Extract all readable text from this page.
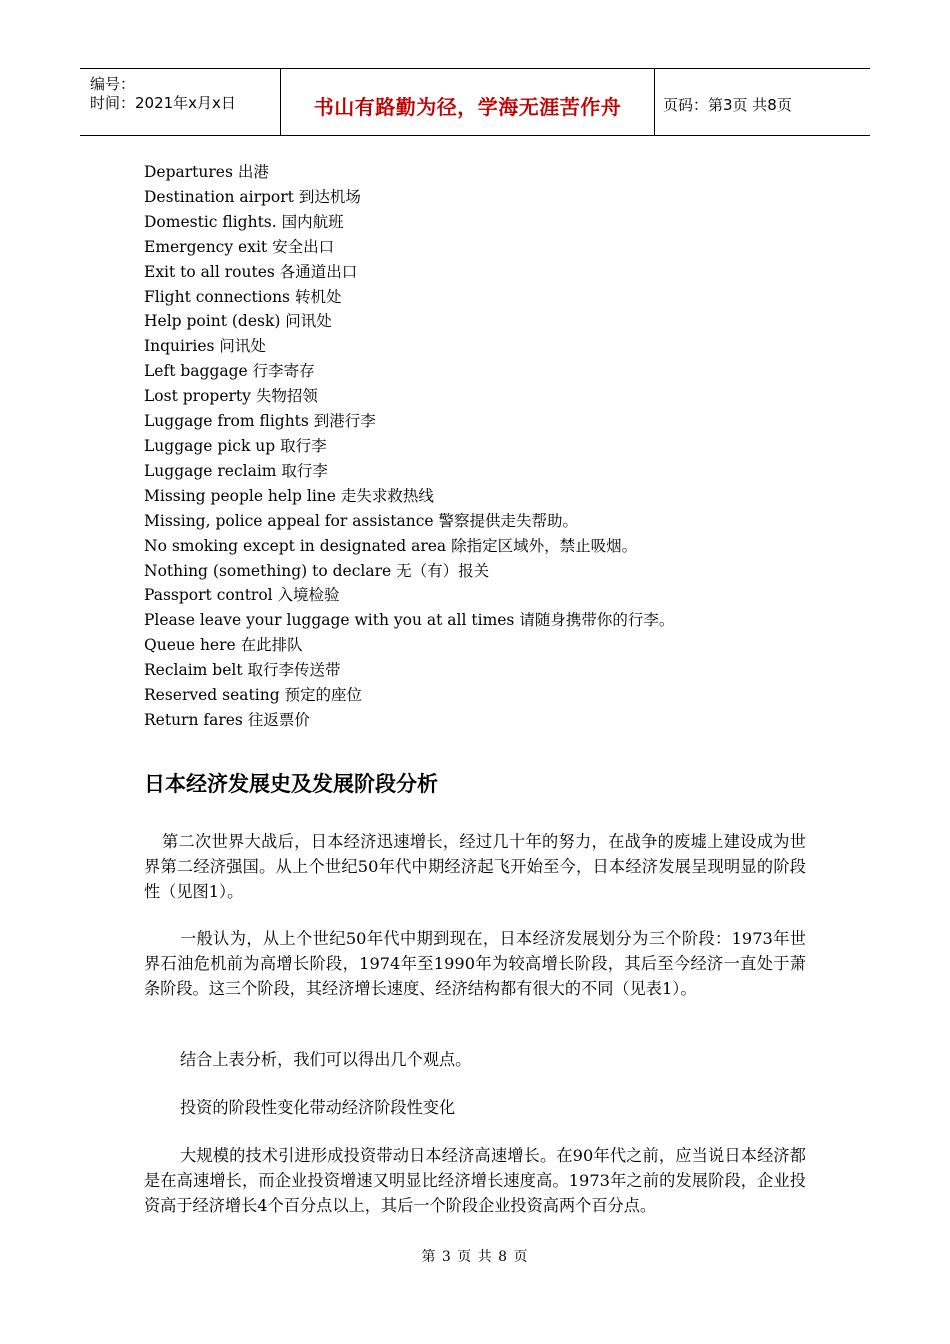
编号：
时间：2021年x月x日	书山有路勤为径，学海无涯苦作舟	页码：第3页 共8页
Departures 出港
Destination airport 到达机场
Domestic flights. 国内航班
Emergency exit 安全出口
Exit to all routes 各通道出口
Flight connections 转机处
Help point (desk) 问讯处
Inquiries 问讯处
Left baggage 行李寄存
Lost property 失物招领
Luggage from flights 到港行李
Luggage pick up 取行李
Luggage reclaim 取行李
Missing people help line 走失求救热线
Missing, police appeal for assistance 警察提供走失帮助。
No smoking except in designated area 除指定区域外，禁止吸烟。
Nothing (something) to declare 无（有）报关
Passport control 入境检验
Please leave your luggage with you at all times 请随身携带你的行李。
Queue here 在此排队
Reclaim belt 取行李传送带
Reserved seating 预定的座位
Return fares 往返票价
日本经济发展史及发展阶段分析

第二次世界大战后，日本经济迅速增长，经过几十年的努力，在战争的废墟上建设成为世界第二经济强国。从上个世纪50年代中期经济起飞开始至今，日本经济发展呈现明显的阶段性（见图1）。

一般认为，从上个世纪50年代中期到现在，日本经济发展划分为三个阶段：1973年世界石油危机前为高增长阶段，1974年至1990年为较高增长阶段，其后至今经济一直处于萧条阶段。这三个阶段，其经济增长速度、经济结构都有很大的不同（见表1）。

结合上表分析，我们可以得出几个观点。

投资的阶段性变化带动经济阶段性变化

大规模的技术引进形成投资带动日本经济高速增长。在90年代之前，应当说日本经济都是在高速增长，而企业投资增速又明显比经济增长速度高。1973年之前的发展阶段，企业投资高于经济增长4个百分点以上，其后一个阶段企业投资高两个百分点。

第 3 页 共 8 页
